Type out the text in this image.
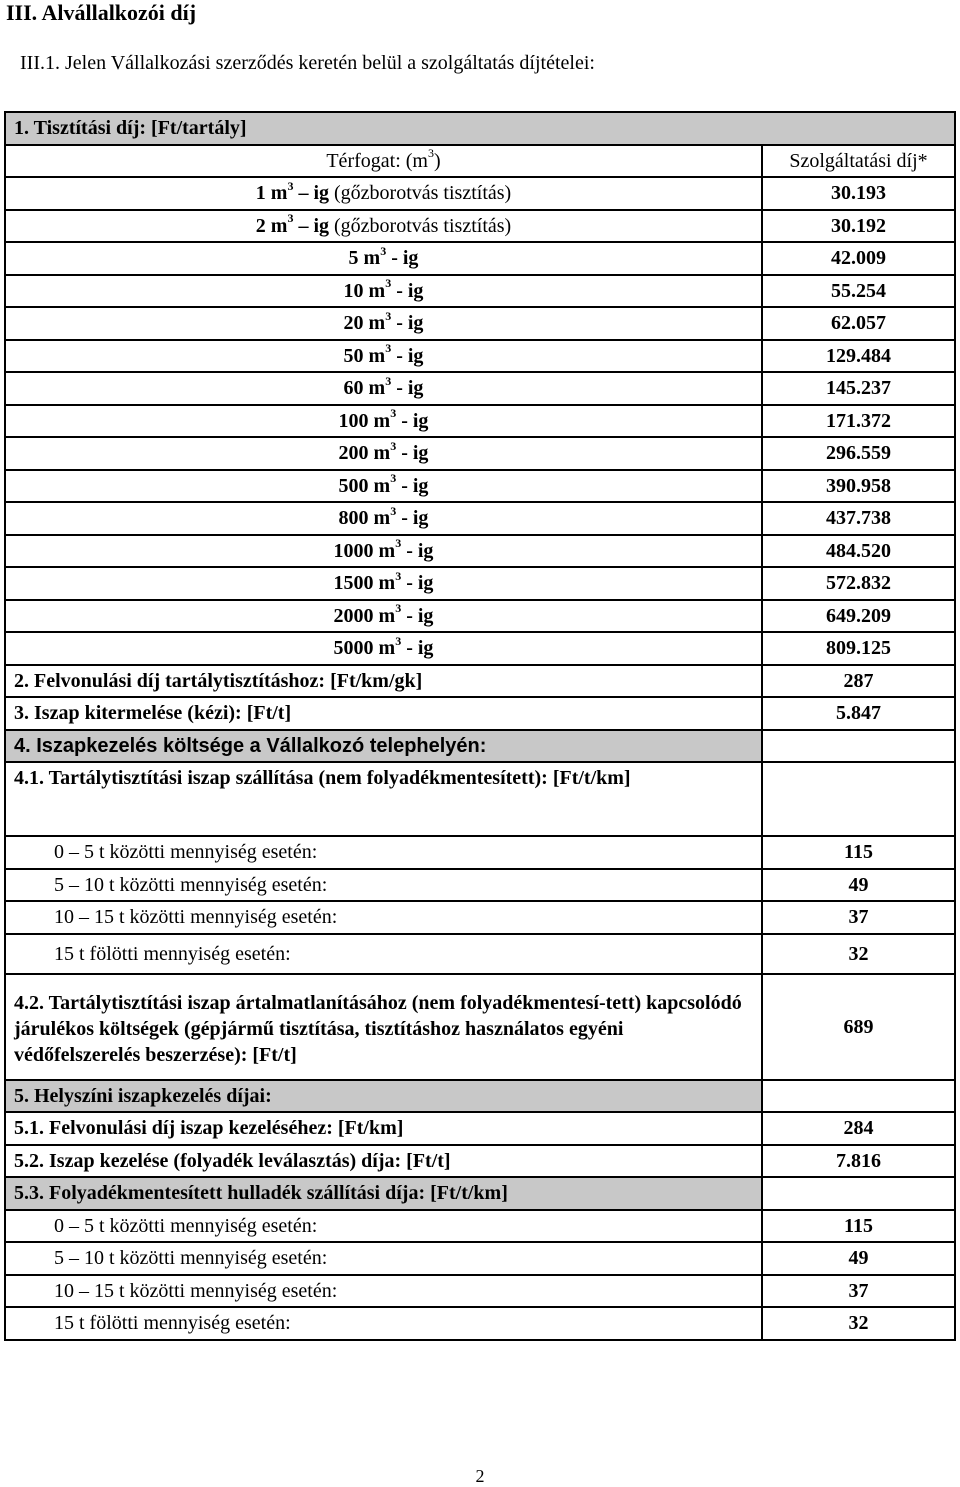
III. Alvállalkozói díj
III.1. Jelen Vállalkozási szerződés keretén belül a szolgáltatás díjtételei:
1. Tisztítási díj: [Ft/tartály]	
Térfogat: $(m^3)$	Szolgáltatási díj*
1 $m^3$ – ig (gőzborotvás tisztítás)	30.193
2 $m^3$ – ig (gőzborotvás tisztítás)	30.192
5 $m^3$ - ig	42.009
10 $m^3$ - ig	55.254
20 $m^3$ - ig	62.057
50 $m^3$ - ig	129.484
60 $m^3$ - ig	145.237
100 $m^3$ - ig	171.372
200 $m^3$ - ig	296.559
500 $m^3$ - ig	390.958
800 $m^3$ - ig	437.738
1000 $m^3$ - ig	484.520
1500 $m^3$ - ig	572.832
2000 $m^3$ - ig	649.209
5000 $m^3$ - ig	809.125
2. Felvonulási díj tartálytisztításhoz: [Ft/km/gk]	287
3. Iszap kitermelése (kézi): [Ft/t]	5.847
4. Iszapkezelés költsége a Vállalkozó telephelyén:	
4.1. Tartálytisztítási iszap szállítása (nem folyadékmentesített): [Ft/t/km]	
0 – 5 t közötti mennyiség esetén:	115
5 – 10 t közötti mennyiség esetén:	49
10 – 15 t közötti mennyiség esetén:	37
15 t fölötti mennyiség esetén:	32
4.2. Tartálytisztítási iszap ártalmatlanításához (nem folyadékmentesí-tett) kapcsolódó járulékos költségek (gépjármű tisztítása, tisztításhoz használatos egyéni védőfelszerelés beszerzése): [Ft/t]	689
5. Helyszíni iszapkezelés díjai:	
5.1. Felvonulási díj iszap kezeléséhez: [Ft/km]	284
5.2. Iszap kezelése (folyadék leválasztás) díja: [Ft/t]	7.816
5.3. Folyadékmentesített hulladék szállítási díja: [Ft/t/km]	
0 – 5 t közötti mennyiség esetén:	115
5 – 10 t közötti mennyiség esetén:	49
10 – 15 t közötti mennyiség esetén:	37
15 t fölötti mennyiség esetén:	32
2
